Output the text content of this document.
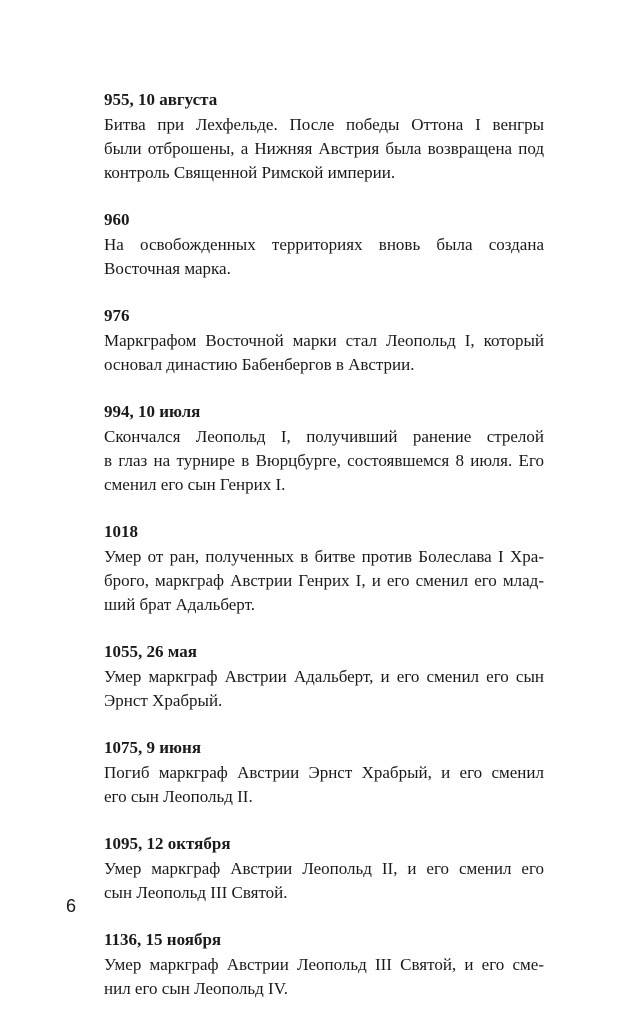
955, 10 августа
Битва при Лехфельде. После победы Оттона I венгры
были отброшены, а Нижняя Австрия была возвращена под
контроль Священной Римской империи.
960
На освобожденных территориях вновь была создана
Восточная марка.
976
Маркграфом Восточной марки стал Леопольд I, который
основал династию Бабенбергов в Австрии.
994, 10 июля
Скончался Леопольд I, получивший ранение стрелой
в глаз на турнире в Вюрцбурге, состоявшемся 8 июля. Его
сменил его сын Генрих I.
1018
Умер от ран, полученных в битве против Болеслава I Хра-
брого, маркграф Австрии Генрих I, и его сменил его млад-
ший брат Адальберт.
1055, 26 мая
Умер маркграф Австрии Адальберт, и его сменил его сын
Эрнст Храбрый.
1075, 9 июня
Погиб маркграф Австрии Эрнст Храбрый, и его сменил
его сын Леопольд II.
1095, 12 октября
Умер маркграф Австрии Леопольд II, и его сменил его
сын Леопольд III Святой.
1136, 15 ноября
Умер маркграф Австрии Леопольд III Святой, и его сме-
нил его сын Леопольд IV.
6
